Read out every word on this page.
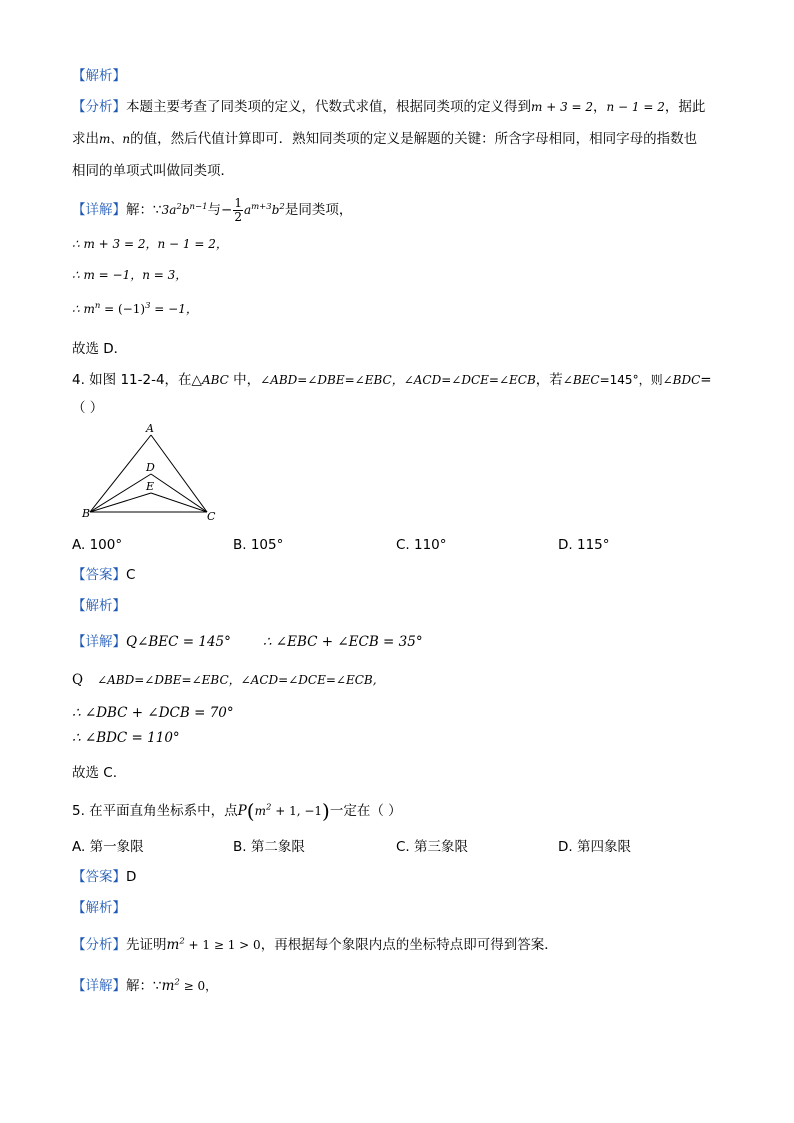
【解析】
【分析】本题主要考查了同类项的定义，代数式求值，根据同类项的定义得到m + 3 = 2，n − 1 = 2，据此
求出m、n的值，然后代值计算即可．熟知同类项的定义是解题的关键：所含字母相同，相同字母的指数也
相同的单项式叫做同类项．
【详解】解：$\because 3a^2b^{n-1}$与− $\frac{1}{2} a^{m+3}b^2$是同类项，
∴ m + 3 = 2，n − 1 = 2，
∴ m = −1，n = 3，
∴ $m^n = (-1)^3 = -1$，
故选 D．
4. 如图 11-2-4，在△ABC 中，∠ABD=∠DBE=∠EBC，∠ACD=∠DCE=∠ECB，若∠BEC=145°，则∠BDC=
（ ）
A
D
E
B	C
A. 100°	B. 105°	C. 110°	D. 115°
【答案】C
【解析】
【详解】Q∠BEC = 145° ∴ ∠EBC + ∠ECB = 35°
Q ∠ABD=∠DBE=∠EBC，∠ACD=∠DCE=∠ECB,
∴ ∠DBC + ∠DCB = 70°
∴ ∠BDC = 110°
故选 C.
5. 在平面直角坐标系中，点$P(m^2 + 1$, −1)一定在（ ）
A. 第一象限	B. 第二象限	C. 第三象限	D. 第四象限
【答案】D
【解析】
【分析】先证明$m^2 + 1 \ge 1 > 0$，再根据每个象限内点的坐标特点即可得到答案．
【详解】解：$\because m^2 \ge 0$，
